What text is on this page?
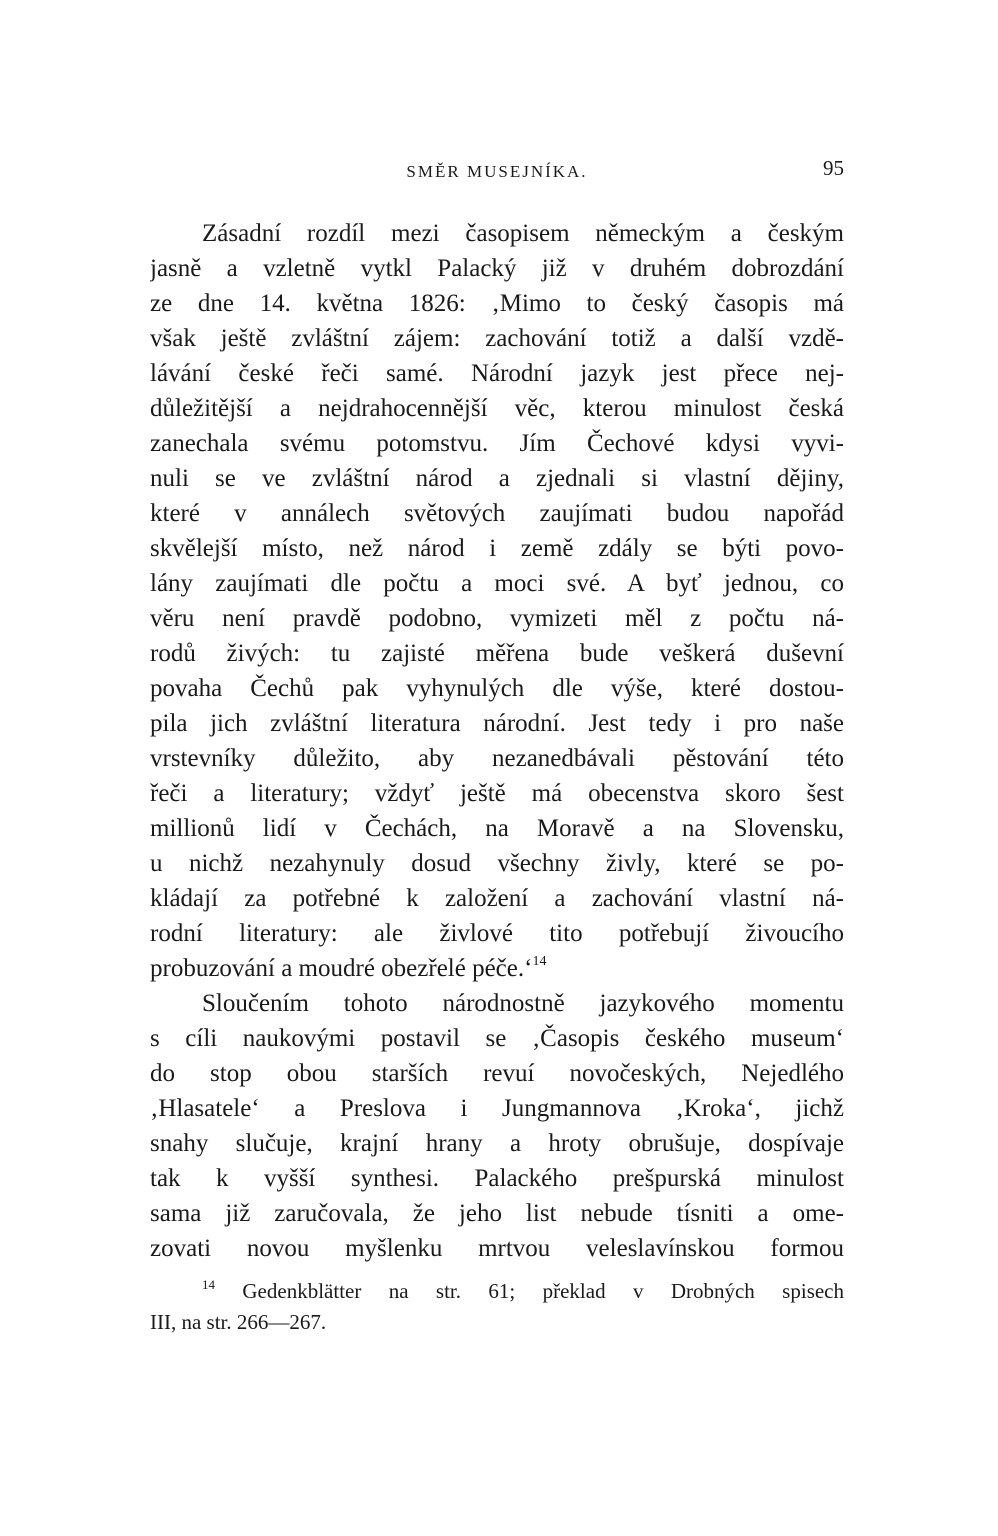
SMĚR MUSEJNÍKA.	95
Zásadní rozdíl mezi časopisem německým a českým
jasně a vzletně vytkl Palacký již v druhém dobrozdání
ze dne 14. května 1826: ‚Mimo to český časopis má
však ještě zvláštní zájem: zachování totiž a další vzdě-
lávání české řeči samé. Národní jazyk jest přece nej-
důležitější a nejdrahocennější věc, kterou minulost česká
zanechala svému potomstvu. Jím Čechové kdysi vyvi-
nuli se ve zvláštní národ a zjednali si vlastní dějiny,
které v annálech světových zaujímati budou napořád
skvělejší místo, než národ i země zdály se býti povo-
lány zaujímati dle počtu a moci své. A byť jednou, co
věru není pravdě podobno, vymizeti měl z počtu ná-
rodů živých: tu zajisté měřena bude veškerá duševní
povaha Čechů pak vyhynulých dle výše, které dostou-
pila jich zvláštní literatura národní. Jest tedy i pro naše
vrstevníky důležito, aby nezanedbávali pěstování této
řeči a literatury; vždyť ještě má obecenstva skoro šest
millionů lidí v Čechách, na Moravě a na Slovensku,
u nichž nezahynuly dosud všechny živly, které se po-
kládají za potřebné k založení a zachování vlastní ná-
rodní literatury: ale živlové tito potřebují živoucího
probuzování a moudré obezřelé péče.‘$^{14}$
Sloučením tohoto národnostně jazykového momentu
s cíli naukovými postavil se ‚Časopis českého museum‘
do stop obou starších revuí novočeských, Nejedlého
‚Hlasatele‘ a Preslova i Jungmannova ‚Kroka‘, jichž
snahy slučuje, krajní hrany a hroty obrušuje, dospívaje
tak k vyšší synthesi. Palackého prešpurská minulost
sama již zaručovala, že jeho list nebude tísniti a ome-
zovati novou myšlenku mrtvou veleslavínskou formou
$^{14}$ Gedenkblätter na str. 61; překlad v Drobných spisech
III, na str. 266—267.
